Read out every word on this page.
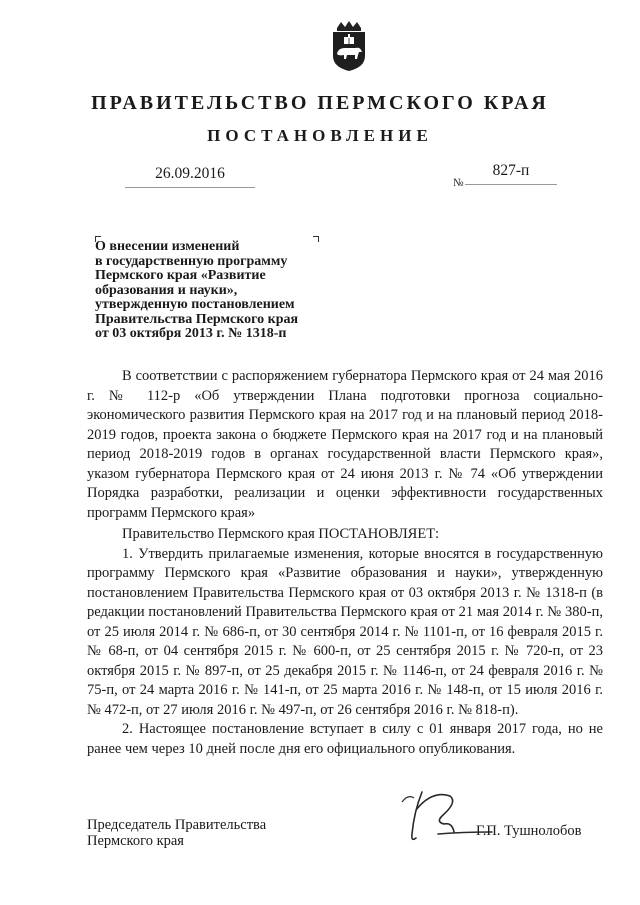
ПРАВИТЕЛЬСТВО ПЕРМСКОГО КРАЯ
ПОСТАНОВЛЕНИЕ
26.09.2016
№
827-п
О внесении изменений
в государственную программу
Пермского края «Развитие
образования и науки»,
утвержденную постановлением
Правительства Пермского края
от 03 октября 2013 г. № 1318-п

В соответствии с распоряжением губернатора Пермского края от 24 мая 2016 г. № 112-р «Об утверждении Плана подготовки прогноза социально-экономического развития Пермского края на 2017 год и на плановый период 2018-2019 годов, проекта закона о бюджете Пермского края на 2017 год и на плановый период 2018-2019 годов в органах государственной власти Пермского края», указом губернатора Пермского края от 24 июня 2013 г. № 74 «Об утверждении Порядка разработки, реализации и оценки эффективности государственных программ Пермского края»

Правительство Пермского края ПОСТАНОВЛЯЕТ:

1. Утвердить прилагаемые изменения, которые вносятся в государственную программу Пермского края «Развитие образования и науки», утвержденную постановлением Правительства Пермского края от 03 октября 2013 г. № 1318-п (в редакции постановлений Правительства Пермского края от 21 мая 2014 г. № 380-п, от 25 июля 2014 г. № 686-п, от 30 сентября 2014 г. № 1101-п, от 16 февраля 2015 г. № 68-п, от 04 сентября 2015 г. № 600-п, от 25 сентября 2015 г. № 720-п, от 23 октября 2015 г. № 897-п, от 25 декабря 2015 г. № 1146-п, от 24 февраля 2016 г. № 75-п, от 24 марта 2016 г. № 141-п, от 25 марта 2016 г. № 148-п, от 15 июля 2016 г. № 472-п, от 27 июля 2016 г. № 497-п, от 26 сентября 2016 г. № 818-п).

2. Настоящее постановление вступает в силу с 01 января 2017 года, но не ранее чем через 10 дней после дня его официального опубликования.

Председатель Правительства
Пермского края
Г.П. Тушнолобов
